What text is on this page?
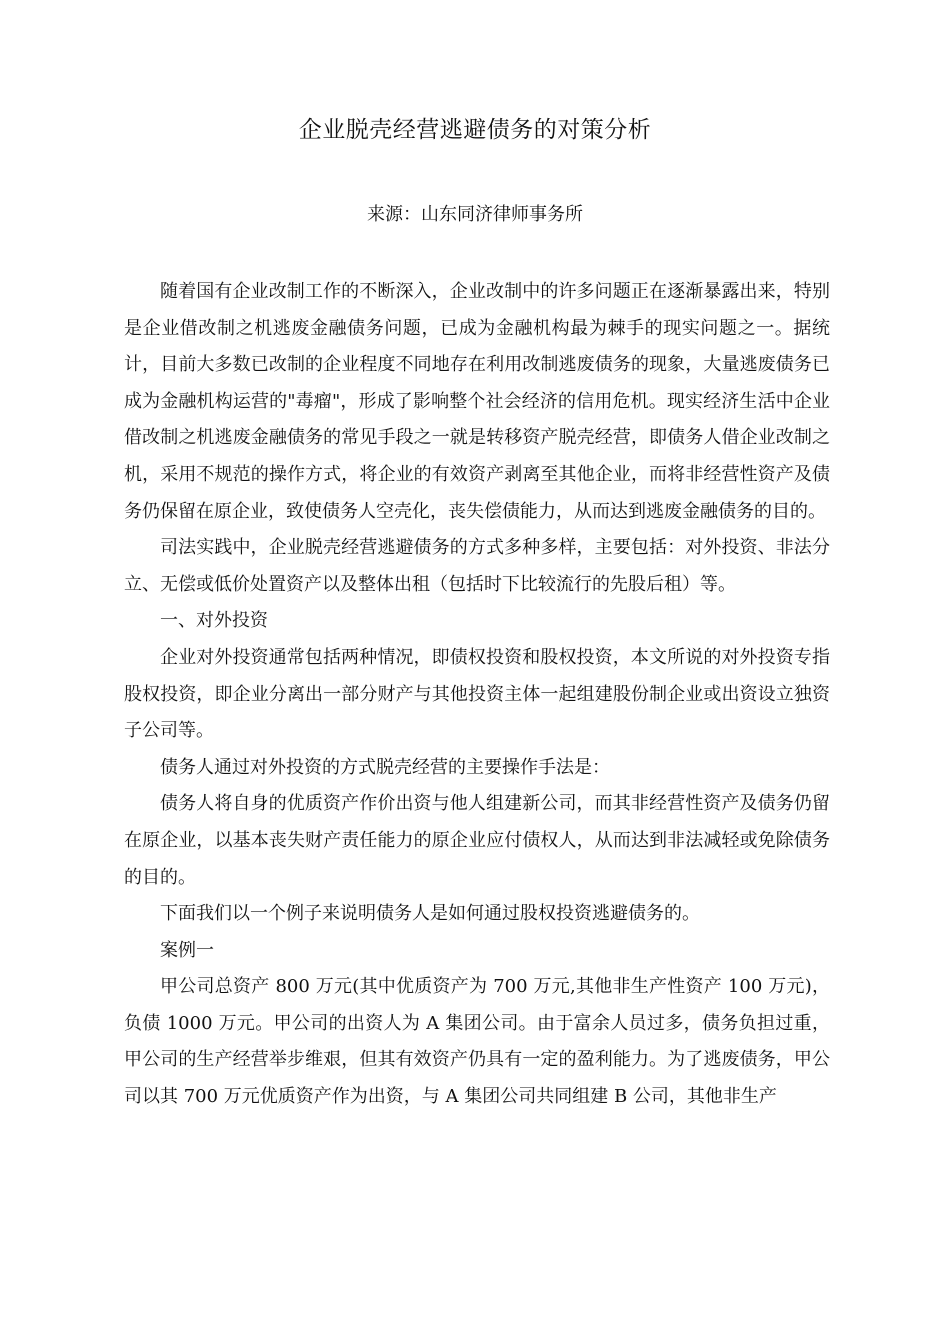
企业脱壳经营逃避债务的对策分析
来源：山东同济律师事务所

随着国有企业改制工作的不断深入，企业改制中的许多问题正在逐渐暴露出来，特别是企业借改制之机逃废金融债务问题，已成为金融机构最为棘手的现实问题之一。据统计，目前大多数已改制的企业程度不同地存在利用改制逃废债务的现象，大量逃废债务已成为金融机构运营的"毒瘤"，形成了影响整个社会经济的信用危机。现实经济生活中企业借改制之机逃废金融债务的常见手段之一就是转移资产脱壳经营，即债务人借企业改制之机，采用不规范的操作方式，将企业的有效资产剥离至其他企业，而将非经营性资产及债务仍保留在原企业，致使债务人空壳化，丧失偿债能力，从而达到逃废金融债务的目的。

司法实践中，企业脱壳经营逃避债务的方式多种多样，主要包括：对外投资、非法分立、无偿或低价处置资产以及整体出租（包括时下比较流行的先股后租）等。

一、对外投资

企业对外投资通常包括两种情况，即债权投资和股权投资，本文所说的对外投资专指股权投资，即企业分离出一部分财产与其他投资主体一起组建股份制企业或出资设立独资子公司等。

债务人通过对外投资的方式脱壳经营的主要操作手法是：

债务人将自身的优质资产作价出资与他人组建新公司，而其非经营性资产及债务仍留在原企业，以基本丧失财产责任能力的原企业应付债权人，从而达到非法减轻或免除债务的目的。

下面我们以一个例子来说明债务人是如何通过股权投资逃避债务的。

案例一

甲公司总资产 800 万元(其中优质资产为 700 万元,其他非生产性资产 100 万元)，负债 1000 万元。甲公司的出资人为 A 集团公司。由于富余人员过多，债务负担过重，甲公司的生产经营举步维艰，但其有效资产仍具有一定的盈利能力。为了逃废债务，甲公司以其 700 万元优质资产作为出资，与 A 集团公司共同组建 B 公司，其他非生产
